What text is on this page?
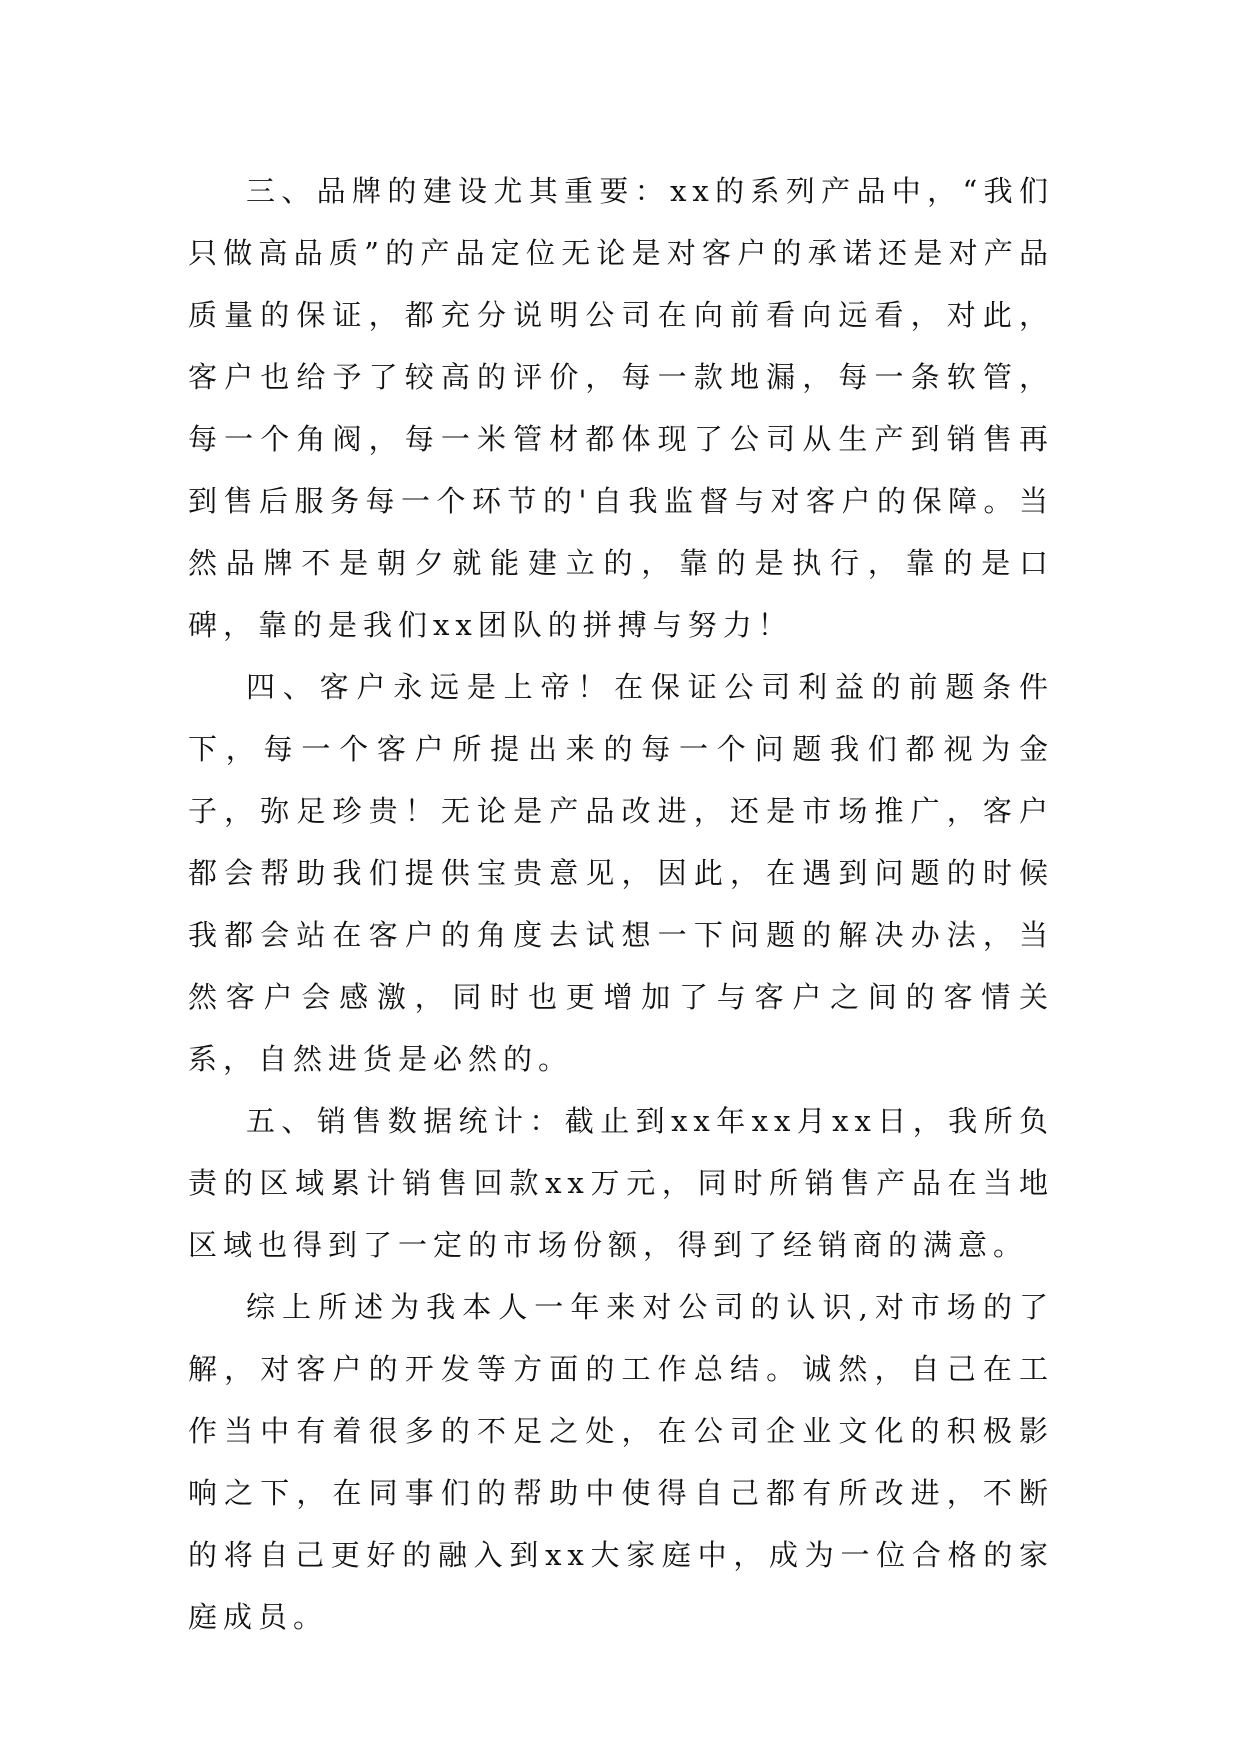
三、品牌的建设尤其重要：xx的系列产品中，“我们只做高品质”的产品定位无论是对客户的承诺还是对产品质量的保证，都充分说明公司在向前看向远看，对此，客户也给予了较高的评价，每一款地漏，每一条软管，每一个角阀，每一米管材都体现了公司从生产到销售再到售后服务每一个环节的'自我监督与对客户的保障。当然品牌不是朝夕就能建立的，靠的是执行，靠的是口碑，靠的是我们xx团队的拼搏与努力！

四、客户永远是上帝！在保证公司利益的前题条件下，每一个客户所提出来的每一个问题我们都视为金子，弥足珍贵！无论是产品改进，还是市场推广，客户都会帮助我们提供宝贵意见，因此，在遇到问题的时候我都会站在客户的角度去试想一下问题的解决办法，当然客户会感激，同时也更增加了与客户之间的客情关系，自然进货是必然的。

五、销售数据统计：截止到xx年xx月xx日，我所负责的区域累计销售回款xx万元，同时所销售产品在当地区域也得到了一定的市场份额，得到了经销商的满意。

综上所述为我本人一年来对公司的认识,对市场的了解，对客户的开发等方面的工作总结。诚然，自己在工作当中有着很多的不足之处，在公司企业文化的积极影响之下，在同事们的帮助中使得自己都有所改进，不断的将自己更好的融入到xx大家庭中，成为一位合格的家庭成员。
